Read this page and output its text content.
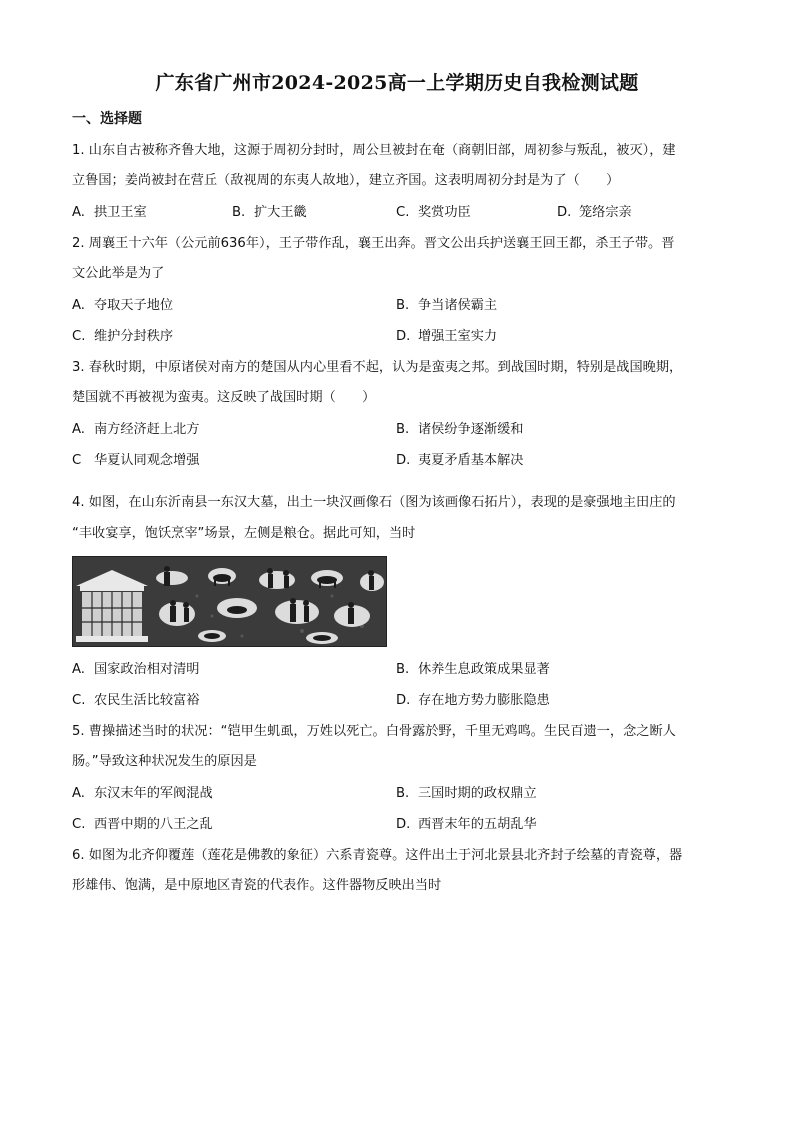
广东省广州市2024-2025高一上学期历史自我检测试题
一、选择题
1. 山东自古被称齐鲁大地，这源于周初分封时，周公旦被封在奄（商朝旧部，周初参与叛乱，被灭），建
立鲁国；姜尚被封在营丘（敌视周的东夷人故地），建立齐国。这表明周初分封是为了（　　）
A. 拱卫王室	B. 扩大王畿	C. 奖赏功臣	D. 笼络宗亲
2. 周襄王十六年（公元前636年），王子带作乱，襄王出奔。晋文公出兵护送襄王回王都，杀王子带。晋
文公此举是为了
A. 夺取天子地位	B. 争当诸侯霸主
C. 维护分封秩序	D. 增强王室实力
3. 春秋时期，中原诸侯对南方的楚国从内心里看不起，认为是蛮夷之邦。到战国时期，特别是战国晚期，
楚国就不再被视为蛮夷。这反映了战国时期（　　）
A. 南方经济赶上北方	B. 诸侯纷争逐渐缓和
C 华夏认同观念增强	D. 夷夏矛盾基本解决
4. 如图，在山东沂南县一东汉大墓，出土一块汉画像石（图为该画像石拓片），表现的是豪强地主田庄的
“丰收宴享，饱饫烹宰”场景，左侧是粮仓。据此可知，当时
A. 国家政治相对清明	B. 休养生息政策成果显著
C. 农民生活比较富裕	D. 存在地方势力膨胀隐患
5. 曹操描述当时的状况：“铠甲生虮虱，万姓以死亡。白骨露於野，千里无鸡鸣。生民百遗一，念之断人
肠。”导致这种状况发生的原因是
A. 东汉末年的军阀混战	B. 三国时期的政权鼎立
C. 西晋中期的八王之乱	D. 西晋末年的五胡乱华
6. 如图为北齐仰覆莲（莲花是佛教的象征）六系青瓷尊。这件出土于河北景县北齐封子绘墓的青瓷尊，器
形雄伟、饱满，是中原地区青瓷的代表作。这件器物反映出当时
